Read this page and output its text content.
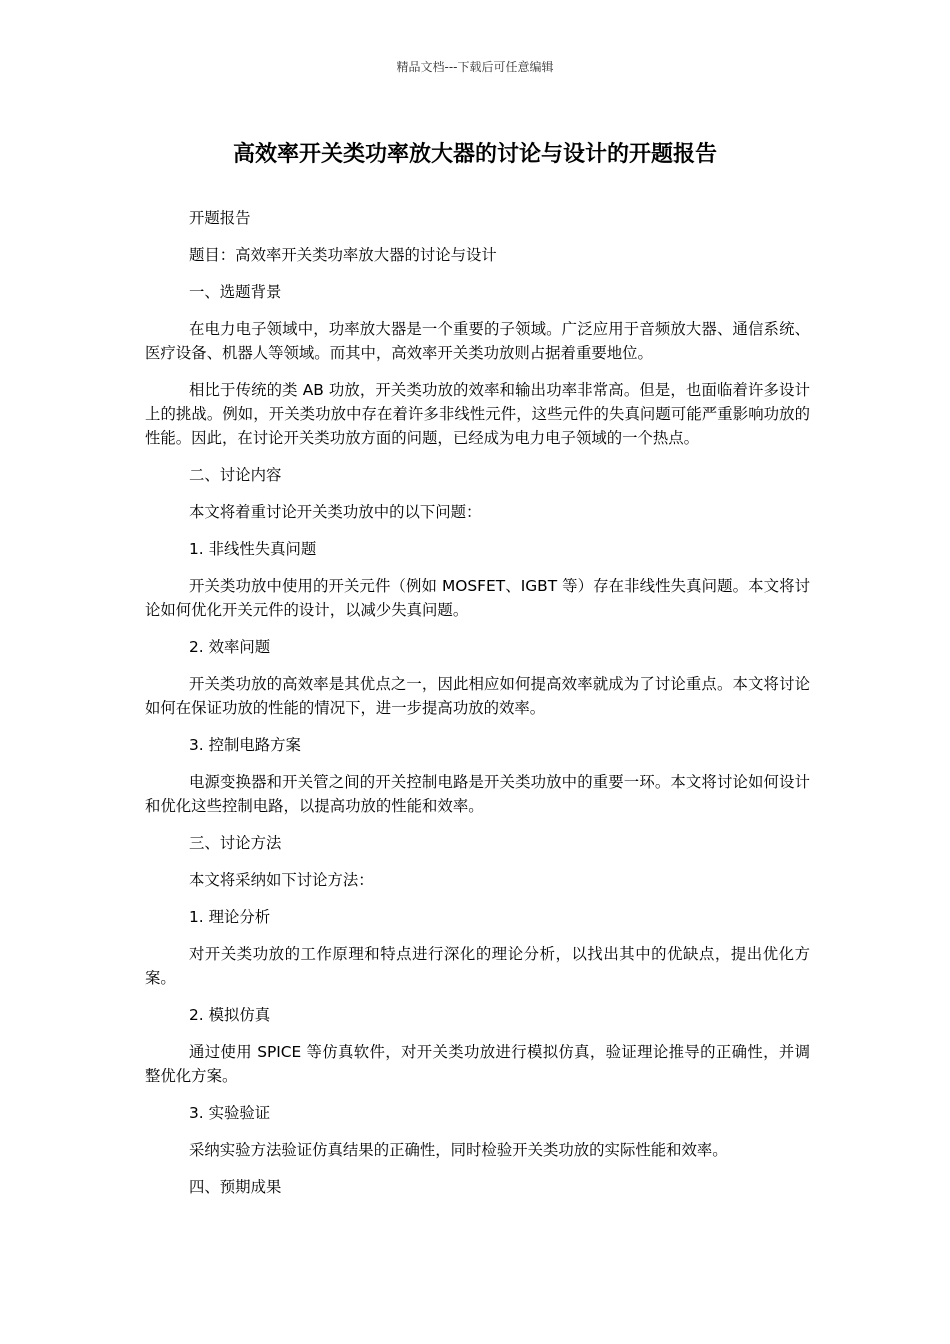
精品文档---下载后可任意编辑
高效率开关类功率放大器的讨论与设计的开题报告

开题报告

题目：高效率开关类功率放大器的讨论与设计

一、选题背景

在电力电子领域中，功率放大器是一个重要的子领域。广泛应用于音频放大器、通信系统、医疗设备、机器人等领域。而其中，高效率开关类功放则占据着重要地位。

相比于传统的类 AB 功放，开关类功放的效率和输出功率非常高。但是，也面临着许多设计上的挑战。例如，开关类功放中存在着许多非线性元件，这些元件的失真问题可能严重影响功放的性能。因此，在讨论开关类功放方面的问题，已经成为电力电子领域的一个热点。

二、讨论内容

本文将着重讨论开关类功放中的以下问题：

1. 非线性失真问题

开关类功放中使用的开关元件（例如 MOSFET、IGBT 等）存在非线性失真问题。本文将讨论如何优化开关元件的设计，以减少失真问题。

2. 效率问题

开关类功放的高效率是其优点之一，因此相应如何提高效率就成为了讨论重点。本文将讨论如何在保证功放的性能的情况下，进一步提高功放的效率。

3. 控制电路方案

电源变换器和开关管之间的开关控制电路是开关类功放中的重要一环。本文将讨论如何设计和优化这些控制电路，以提高功放的性能和效率。

三、讨论方法

本文将采纳如下讨论方法：

1. 理论分析

对开关类功放的工作原理和特点进行深化的理论分析，以找出其中的优缺点，提出优化方案。

2. 模拟仿真

通过使用 SPICE 等仿真软件，对开关类功放进行模拟仿真，验证理论推导的正确性，并调整优化方案。

3. 实验验证

采纳实验方法验证仿真结果的正确性，同时检验开关类功放的实际性能和效率。

四、预期成果
